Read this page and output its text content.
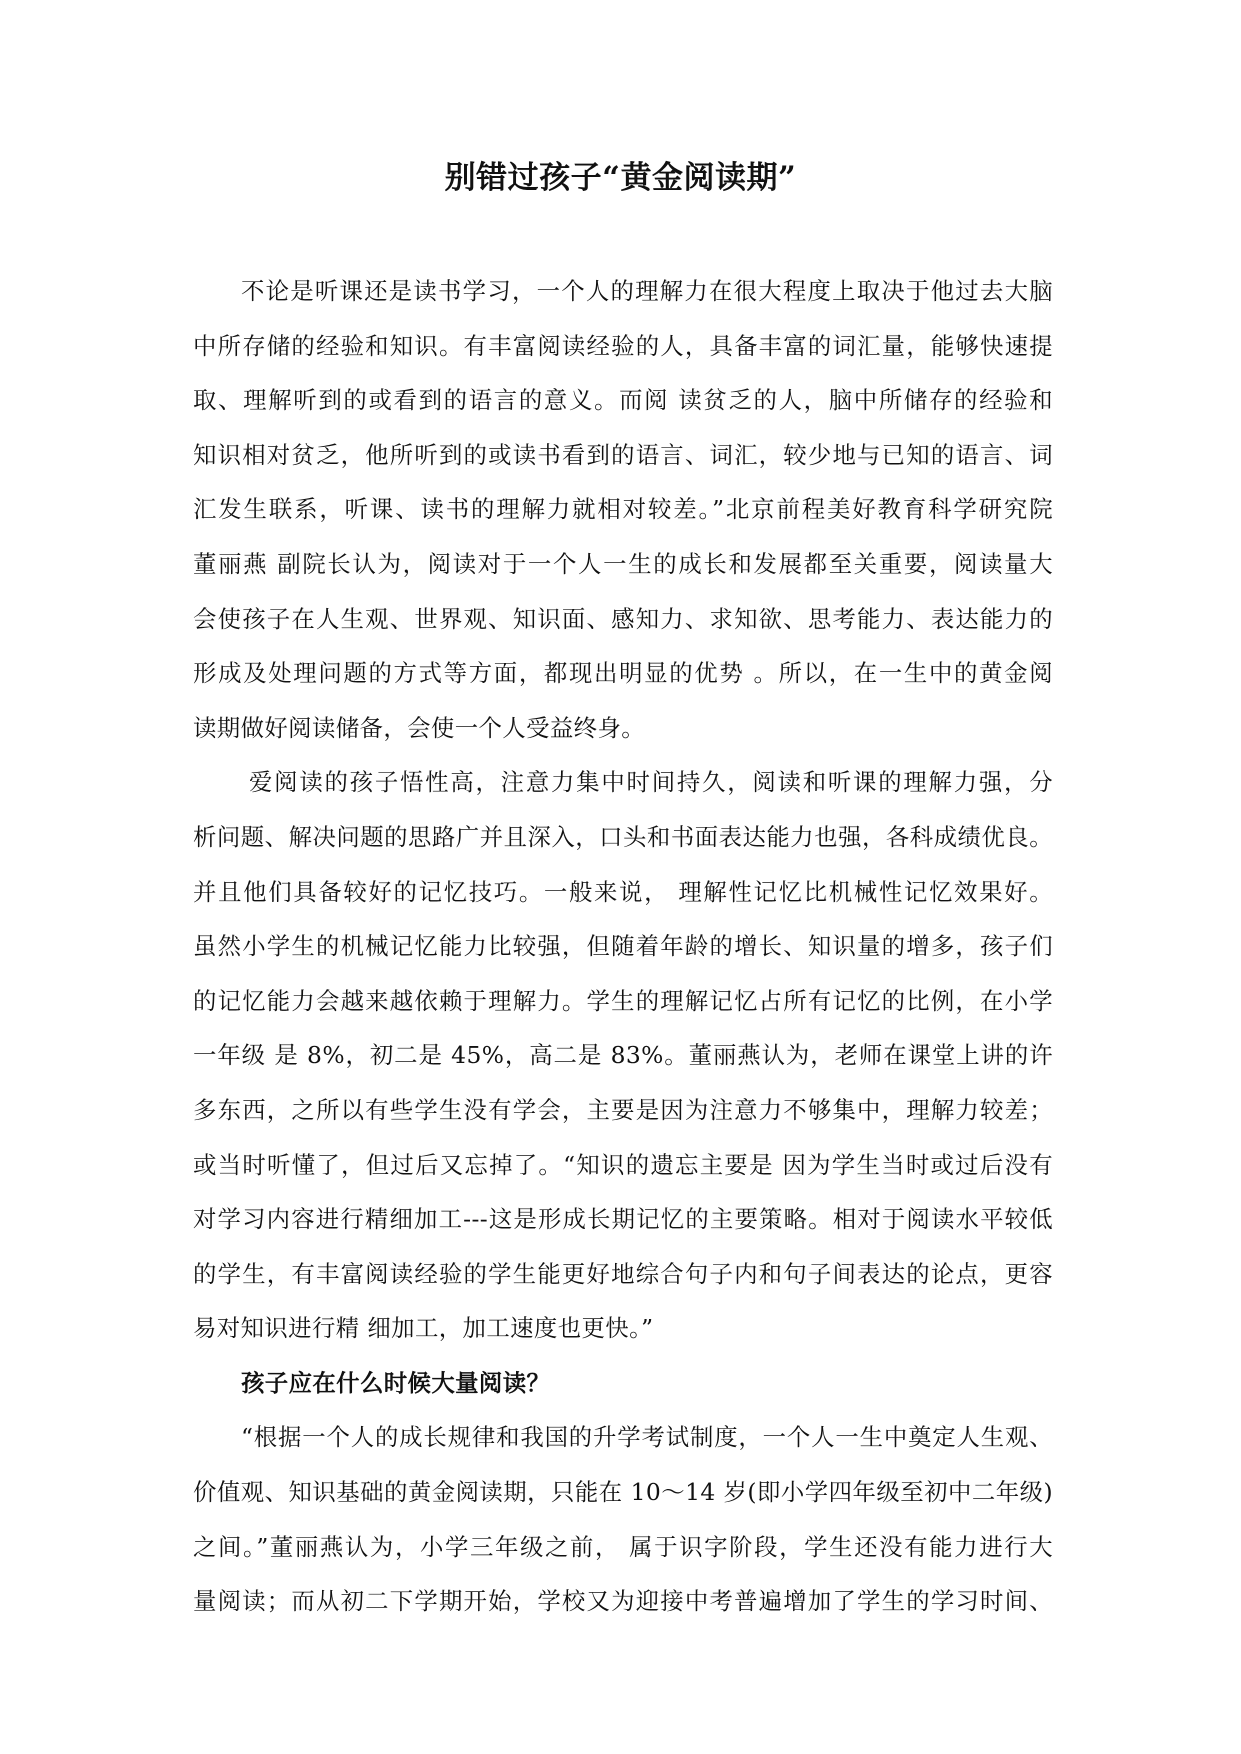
别错过孩子“黄金阅读期”
不论是听课还是读书学习，一个人的理解力在很大程度上取决于他过去大脑
中所存储的经验和知识。有丰富阅读经验的人，具备丰富的词汇量，能够快速提
取、理解听到的或看到的语言的意义。而阅 读贫乏的人，脑中所储存的经验和
知识相对贫乏，他所听到的或读书看到的语言、词汇，较少地与已知的语言、词
汇发生联系，听课、读书的理解力就相对较差。”北京前程美好教育科学研究院
董丽燕 副院长认为，阅读对于一个人一生的成长和发展都至关重要，阅读量大
会使孩子在人生观、世界观、知识面、感知力、求知欲、思考能力、表达能力的
形成及处理问题的方式等方面，都现出明显的优势 。所以，在一生中的黄金阅
读期做好阅读储备，会使一个人受益终身。
爱阅读的孩子悟性高，注意力集中时间持久，阅读和听课的理解力强，分
析问题、解决问题的思路广并且深入，口头和书面表达能力也强，各科成绩优良。
并且他们具备较好的记忆技巧。一般来说， 理解性记忆比机械性记忆效果好。
虽然小学生的机械记忆能力比较强，但随着年龄的增长、知识量的增多，孩子们
的记忆能力会越来越依赖于理解力。学生的理解记忆占所有记忆的比例，在小学
一年级 是 8%，初二是 45%，高二是 83%。董丽燕认为，老师在课堂上讲的许
多东西，之所以有些学生没有学会，主要是因为注意力不够集中，理解力较差；
或当时听懂了，但过后又忘掉了。“知识的遗忘主要是 因为学生当时或过后没有
对学习内容进行精细加工---这是形成长期记忆的主要策略。相对于阅读水平较低
的学生，有丰富阅读经验的学生能更好地综合句子内和句子间表达的论点，更容
易对知识进行精 细加工，加工速度也更快。”
孩子应在什么时候大量阅读？
“根据一个人的成长规律和我国的升学考试制度，一个人一生中奠定人生观、
价值观、知识基础的黄金阅读期，只能在 10～14 岁(即小学四年级至初中二年级)
之间。”董丽燕认为，小学三年级之前， 属于识字阶段，学生还没有能力进行大
量阅读；而从初二下学期开始，学校又为迎接中考普遍增加了学生的学习时间、
